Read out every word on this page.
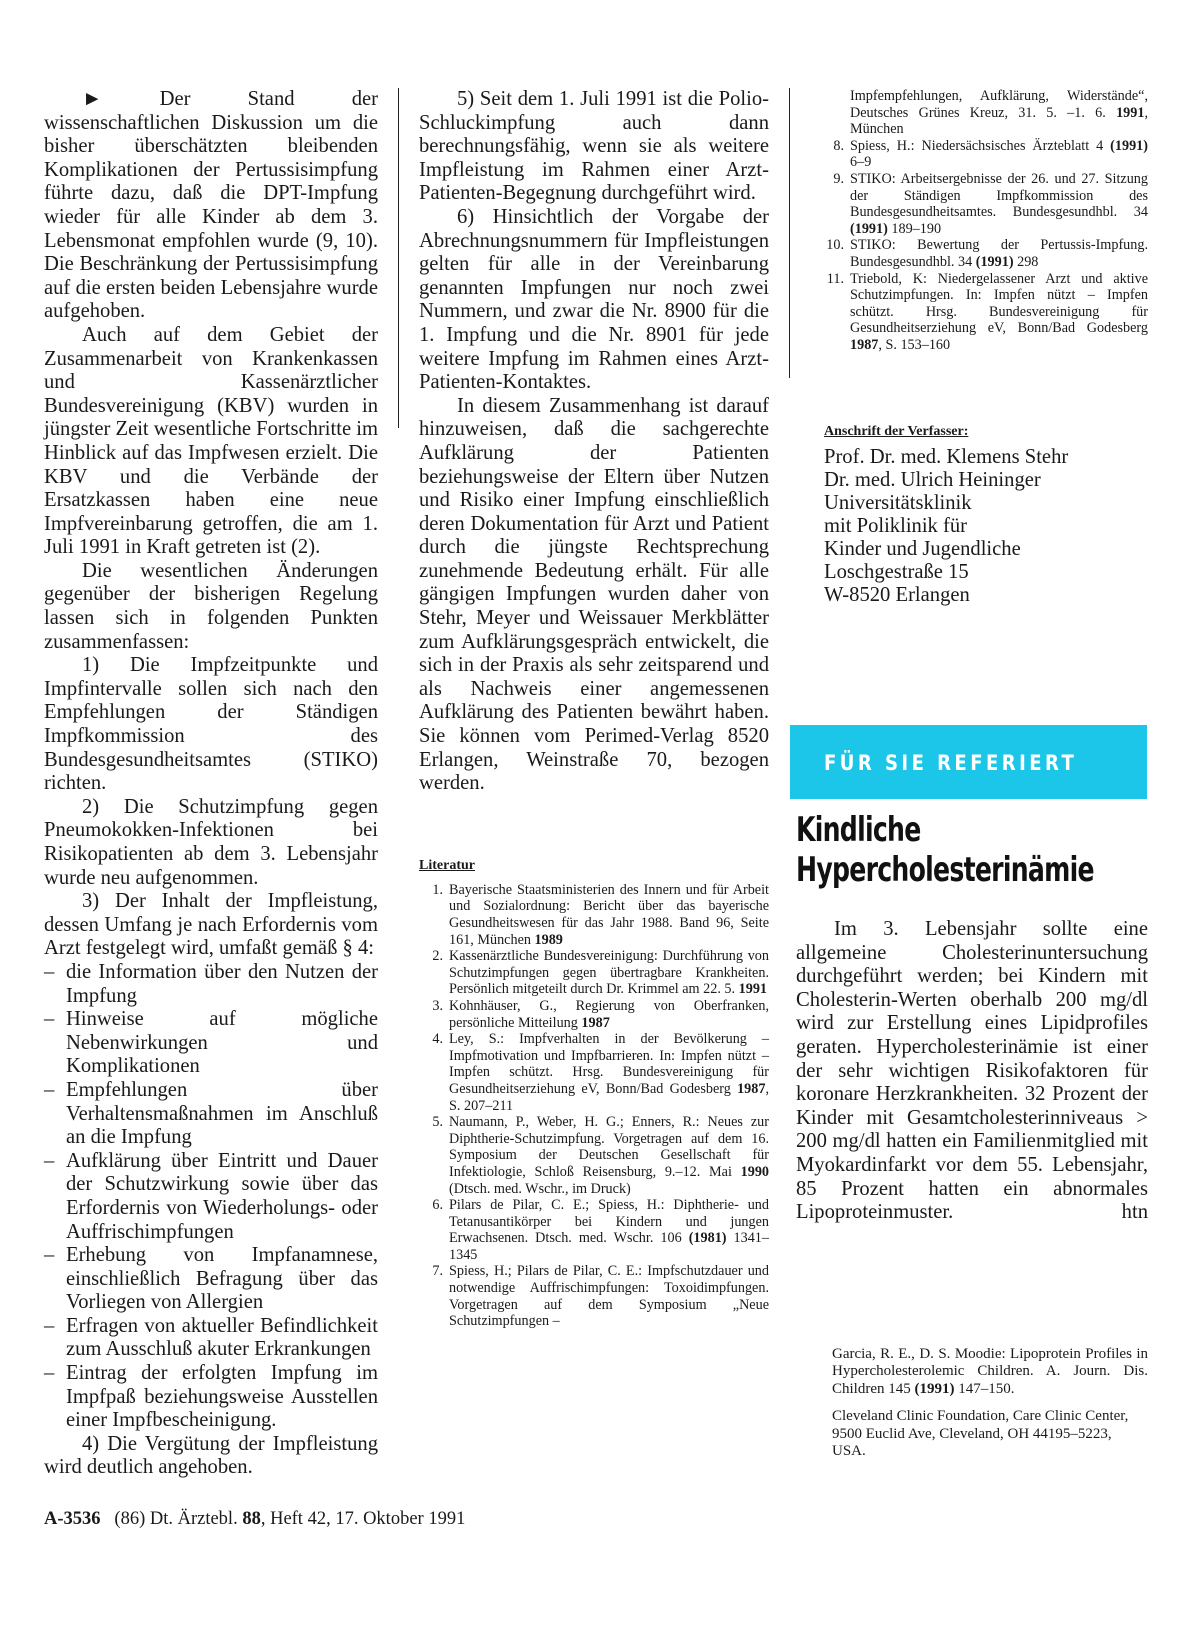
►	Der Stand der wissenschaftlichen Diskussion um die bisher überschätzten bleibenden Komplikationen der Pertussisimpfung führte dazu, daß die DPT-Impfung wieder für alle Kinder ab dem 3. Lebensmonat empfohlen wurde (9, 10). Die Beschränkung der Pertussisimpfung auf die ersten beiden Lebensjahre wurde aufgehoben.

Auch auf dem Gebiet der Zusammenarbeit von Krankenkassen und Kassenärztlicher Bundesvereinigung (KBV) wurden in jüngster Zeit wesentliche Fortschritte im Hinblick auf das Impfwesen erzielt. Die KBV und die Verbände der Ersatzkassen haben eine neue Impfvereinbarung getroffen, die am 1. Juli 1991 in Kraft getreten ist (2).

Die wesentlichen Änderungen gegenüber der bisherigen Regelung lassen sich in folgenden Punkten zusammenfassen:

1) Die Impfzeitpunkte und Impfintervalle sollen sich nach den Empfehlungen der Ständigen Impfkommission des Bundesgesundheitsamtes (STIKO) richten.

2) Die Schutzimpfung gegen Pneumokokken-Infektionen bei Risikopatienten ab dem 3. Lebensjahr wurde neu aufgenommen.

3) Der Inhalt der Impfleistung, dessen Umfang je nach Erfordernis vom Arzt festgelegt wird, umfaßt gemäß § 4:

– die Information über den Nutzen der Impfung
– Hinweise auf mögliche Nebenwirkungen und Komplikationen
– Empfehlungen über Verhaltensmaßnahmen im Anschluß an die Impfung
– Aufklärung über Eintritt und Dauer der Schutzwirkung sowie über das Erfordernis von Wiederholungs- oder Auffrischimpfungen
– Erhebung von Impfanamnese, einschließlich Befragung über das Vorliegen von Allergien
– Erfragen von aktueller Befindlichkeit zum Ausschluß akuter Erkrankungen
– Eintrag der erfolgten Impfung im Impfpaß beziehungsweise Ausstellen einer Impfbescheinigung.

4) Die Vergütung der Impfleistung wird deutlich angehoben.

5) Seit dem 1. Juli 1991 ist die Polio-Schluckimpfung auch dann berechnungsfähig, wenn sie als weitere Impfleistung im Rahmen einer Arzt-Patienten-Begegnung durchgeführt wird.

6) Hinsichtlich der Vorgabe der Abrechnungsnummern für Impfleistungen gelten für alle in der Vereinbarung genannten Impfungen nur noch zwei Nummern, und zwar die Nr. 8900 für die 1. Impfung und die Nr. 8901 für jede weitere Impfung im Rahmen eines Arzt-Patienten-Kontaktes.

In diesem Zusammenhang ist darauf hinzuweisen, daß die sachgerechte Aufklärung der Patienten beziehungsweise der Eltern über Nutzen und Risiko einer Impfung einschließlich deren Dokumentation für Arzt und Patient durch die jüngste Rechtsprechung zunehmende Bedeutung erhält. Für alle gängigen Impfungen wurden daher von Stehr, Meyer und Weissauer Merkblätter zum Aufklärungsgespräch entwickelt, die sich in der Praxis als sehr zeitsparend und als Nachweis einer angemessenen Aufklärung des Patienten bewährt haben. Sie können vom Perimed-Verlag 8520 Erlangen, Weinstraße 70, bezogen werden.

Literatur
1. Bayerische Staatsministerien des Innern und für Arbeit und Sozialordnung: Bericht über das bayerische Gesundheitswesen für das Jahr 1988. Band 96, Seite 161, München 1989
2. Kassenärztliche Bundesvereinigung: Durchführung von Schutzimpfungen gegen übertragbare Krankheiten. Persönlich mitgeteilt durch Dr. Krimmel am 22. 5. 1991
3. Kohnhäuser, G., Regierung von Oberfranken, persönliche Mitteilung 1987
4. Ley, S.: Impfverhalten in der Bevölkerung – Impfmotivation und Impfbarrieren. In: Impfen nützt – Impfen schützt. Hrsg. Bundesvereinigung für Gesundheitserziehung eV, Bonn/Bad Godesberg 1987, S. 207–211
5. Naumann, P., Weber, H. G.; Enners, R.: Neues zur Diphtherie-Schutzimpfung. Vorgetragen auf dem 16. Symposium der Deutschen Gesellschaft für Infektiologie, Schloß Reisensburg, 9.–12. Mai 1990 (Dtsch. med. Wschr., im Druck)
6. Pilars de Pilar, C. E.; Spiess, H.: Diphtherie- und Tetanusantikörper bei Kindern und jungen Erwachsenen. Dtsch. med. Wschr. 106 (1981) 1341–1345
7. Spiess, H.; Pilars de Pilar, C. E.: Impfschutzdauer und notwendige Auffrischimpfungen: Toxoidimpfungen. Vorgetragen auf dem Symposium „Neue Schutzimpfungen –
Impfempfehlungen, Aufklärung, Widerstände“, Deutsches Grünes Kreuz, 31. 5. –1. 6. 1991, München
8. Spiess, H.: Niedersächsisches Ärzteblatt 4 (1991) 6–9
9. STIKO: Arbeitsergebnisse der 26. und 27. Sitzung der Ständigen Impfkommission des Bundesgesundheitsamtes. Bundesgesundhbl. 34 (1991) 189–190
10. STIKO: Bewertung der Pertussis-Impfung. Bundesgesundhbl. 34 (1991) 298
11. Triebold, K: Niedergelassener Arzt und aktive Schutzimpfungen. In: Impfen nützt – Impfen schützt. Hrsg. Bundesvereinigung für Gesundheitserziehung eV, Bonn/Bad Godesberg 1987, S. 153–160
Anschrift der Verfasser:
Prof. Dr. med. Klemens Stehr
Dr. med. Ulrich Heininger
Universitätsklinik
mit Poliklinik für
Kinder und Jugendliche
Loschgestraße 15
W-8520 Erlangen
FÜR SIE REFERIERT
Kindliche
Hypercholesterinämie

Im 3. Lebensjahr sollte eine allgemeine Cholesterinuntersuchung durchgeführt werden; bei Kindern mit Cholesterin-Werten oberhalb 200 mg/dl wird zur Erstellung eines Lipidprofiles geraten. Hypercholesterinämie ist einer der sehr wichtigen Risikofaktoren für koronare Herzkrankheiten. 32 Prozent der Kinder mit Gesamtcholesterinniveaus > 200 mg/dl hatten ein Familienmitglied mit Myokardinfarkt vor dem 55. Lebensjahr, 85 Prozent hatten ein abnormales Lipoproteinmuster.	htn

Garcia, R. E., D. S. Moodie: Lipoprotein Profiles in Hypercholesterolemic Children. A. Journ. Dis. Children 145 (1991) 147–150.

Cleveland Clinic Foundation, Care Clinic Center, 9500 Euclid Ave, Cleveland, OH 44195–5223, USA.

A-3536 (86) Dt. Ärztebl. 88, Heft 42, 17. Oktober 1991
